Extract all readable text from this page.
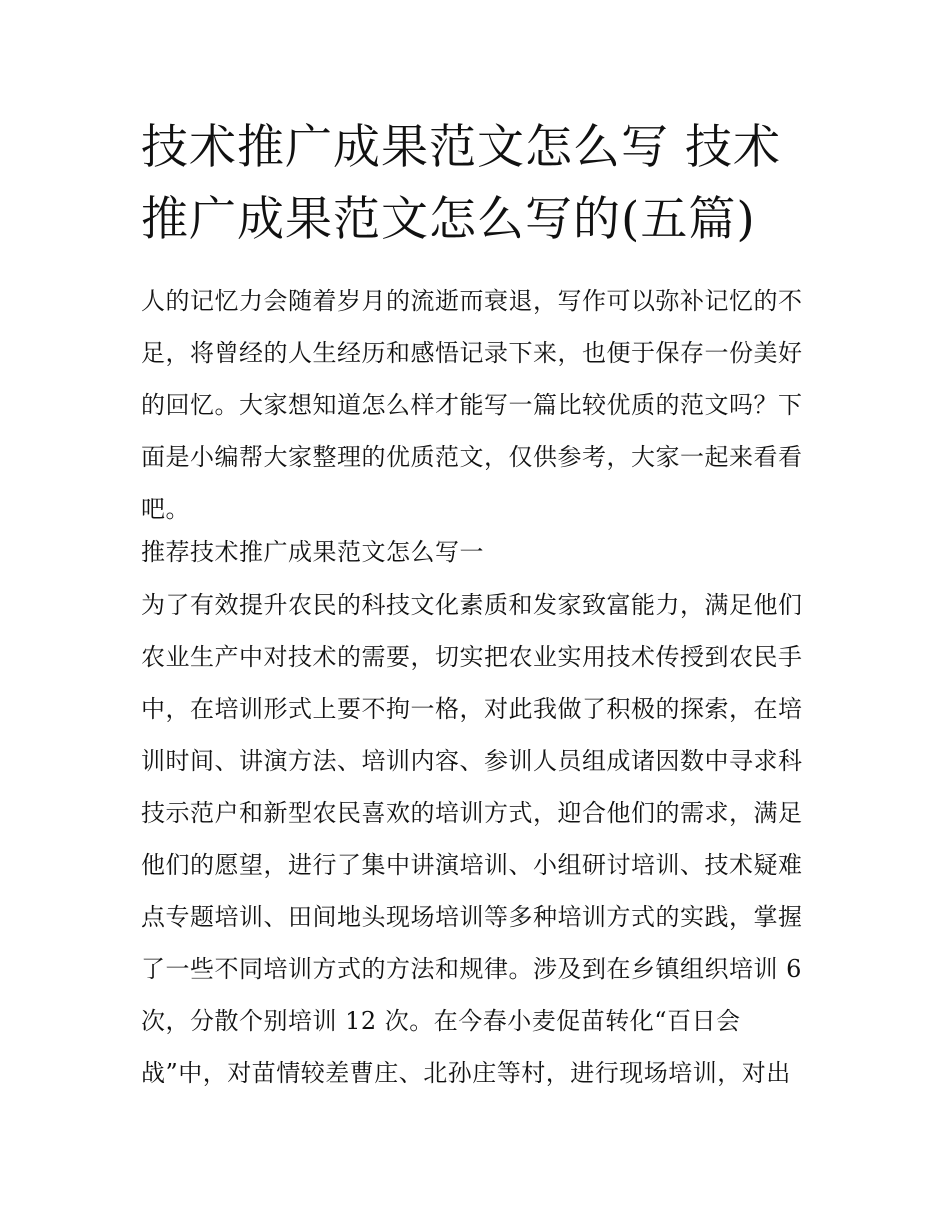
技术推广成果范文怎么写 技术
推广成果范文怎么写的(五篇)
人的记忆力会随着岁月的流逝而衰退，写作可以弥补记忆的不
足，将曾经的人生经历和感悟记录下来，也便于保存一份美好
的回忆。大家想知道怎么样才能写一篇比较优质的范文吗？下
面是小编帮大家整理的优质范文，仅供参考，大家一起来看看
吧。
推荐技术推广成果范文怎么写一
为了有效提升农民的科技文化素质和发家致富能力，满足他们
农业生产中对技术的需要，切实把农业实用技术传授到农民手
中，在培训形式上要不拘一格，对此我做了积极的探索，在培
训时间、讲演方法、培训内容、参训人员组成诸因数中寻求科
技示范户和新型农民喜欢的培训方式，迎合他们的需求，满足
他们的愿望，进行了集中讲演培训、小组研讨培训、技术疑难
点专题培训、田间地头现场培训等多种培训方式的实践，掌握
了一些不同培训方式的方法和规律。涉及到在乡镇组织培训 6
次，分散个别培训 12 次。在今春小麦促苗转化“百日会
战”中，对苗情较差曹庄、北孙庄等村，进行现场培训，对出
